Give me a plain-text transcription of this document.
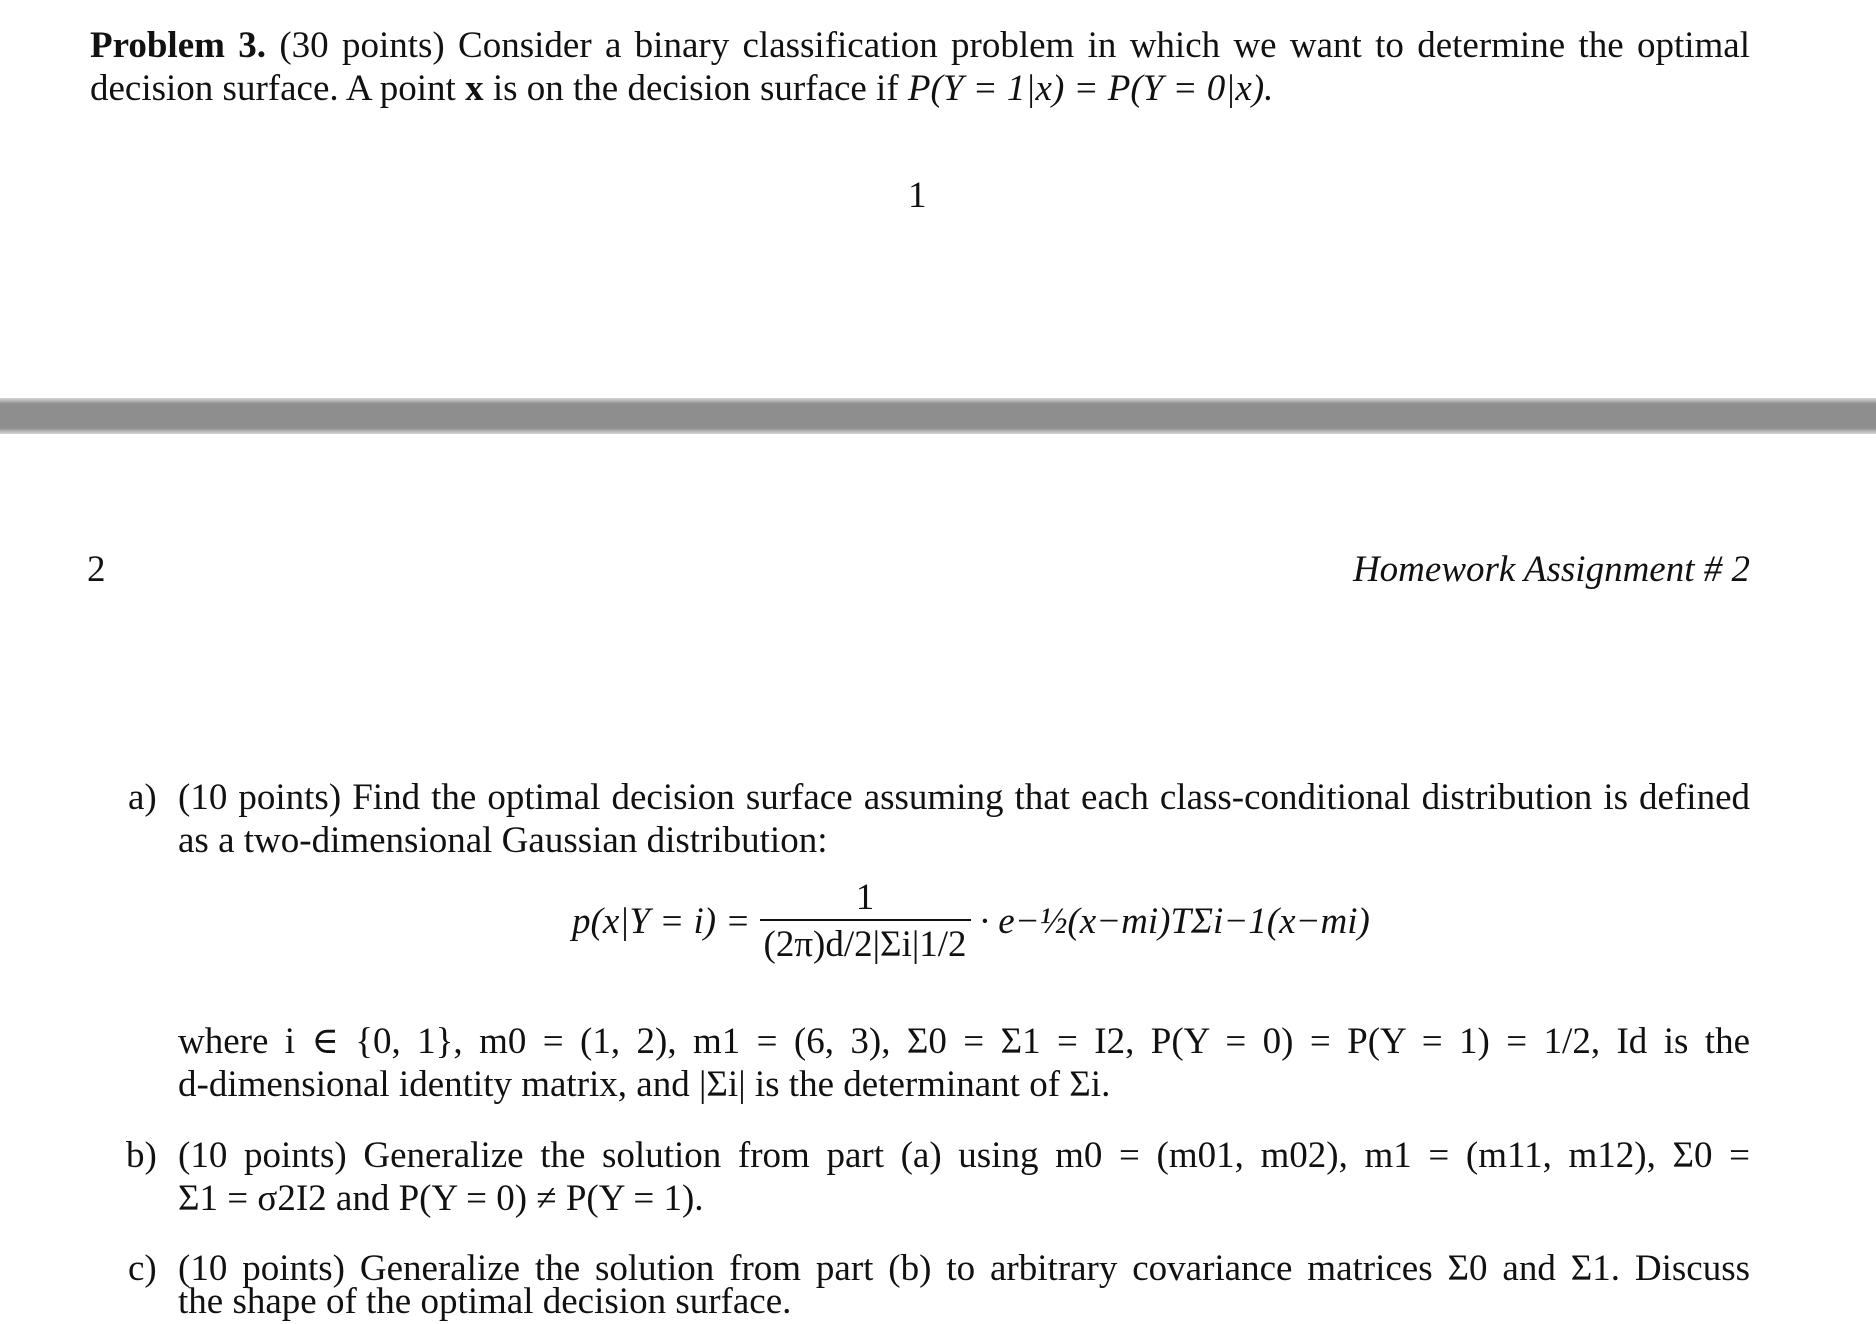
Problem 3. (30 points) Consider a binary classification problem in which we want to determine the optimal
decision surface. A point x is on the decision surface if P(Y = 1|x) = P(Y = 0|x).
1
2	Homework Assignment # 2
a) (10 points) Find the optimal decision surface assuming that each class-conditional distribution is defined
as a two-dimensional Gaussian distribution:
$p(x|Y = i) = \frac{1}{(2\pi)d/2|\Sigma i|1/2}$ · e−½(x−mi)TΣi−1(x−mi)
where i ∈ {0, 1}, m0 = (1, 2), m1 = (6, 3), Σ0 = Σ1 = I2, P(Y = 0) = P(Y = 1) = 1/2, Id is the
d-dimensional identity matrix, and |Σi| is the determinant of Σi.
b) (10 points) Generalize the solution from part (a) using m0 = (m01, m02), m1 = (m11, m12), Σ0 =
Σ1 = σ2I2 and P(Y = 0) ≠ P(Y = 1).
c) (10 points) Generalize the solution from part (b) to arbitrary covariance matrices Σ0 and Σ1. Discuss
the shape of the optimal decision surface.
